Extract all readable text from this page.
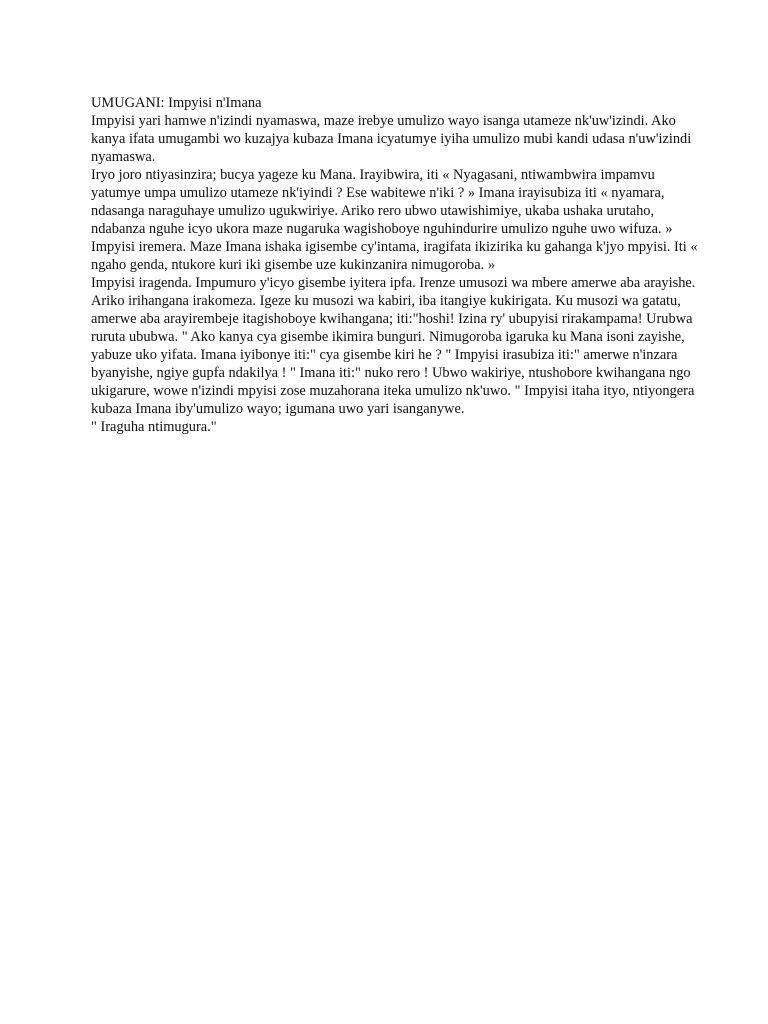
UMUGANI: Impyisi n'Imana

Impyisi yari hamwe n'izindi nyamaswa, maze irebye umulizo wayo isanga utameze nk'uw'izindi. Ako kanya ifata umugambi wo kuzajya kubaza Imana icyatumye iyiha umulizo mubi kandi udasa n'uw'izindi nyamaswa.

Iryo joro ntiyasinzira; bucya yageze ku Mana. Irayibwira, iti « Nyagasani, ntiwambwira impamvu yatumye umpa umulizo utameze nk'iyindi ? Ese wabitewe n'iki ? » Imana irayisubiza iti « nyamara, ndasanga naraguhaye umulizo ugukwiriye. Ariko rero ubwo utawishimiye, ukaba ushaka urutaho, ndabanza nguhe icyo ukora maze nugaruka wagishoboye nguhindurire umulizo nguhe uwo wifuza. »

Impyisi iremera. Maze Imana ishaka igisembe cy'intama, iragifata ikizirika ku gahanga k'jyo mpyisi. Iti « ngaho genda, ntukore kuri iki gisembe uze kukinzanira nimugoroba. »

Impyisi iragenda. Impumuro y'icyo gisembe iyitera ipfa. Irenze umusozi wa mbere amerwe aba arayishe. Ariko irihangana irakomeza. Igeze ku musozi wa kabiri, iba itangiye kukirigata. Ku musozi wa gatatu, amerwe aba arayirembeje itagishoboye kwihangana; iti:"hoshi! Izina ry' ubupyisi rirakampama! Urubwa ruruta ububwa. " Ako kanya cya gisembe ikimira bunguri. Nimugoroba igaruka ku Mana isoni zayishe, yabuze uko yifata. Imana iyibonye iti:" cya gisembe kiri he ? " Impyisi irasubiza iti:" amerwe n'inzara byanyishe, ngiye gupfa ndakilya ! " Imana iti:" nuko rero ! Ubwo wakiriye, ntushobore kwihangana ngo ukigarure, wowe n'izindi mpyisi zose muzahorana iteka umulizo nk'uwo. " Impyisi itaha ityo, ntiyongera kubaza Imana iby'umulizo wayo; igumana uwo yari isanganywe.

" Iraguha ntimugura."
